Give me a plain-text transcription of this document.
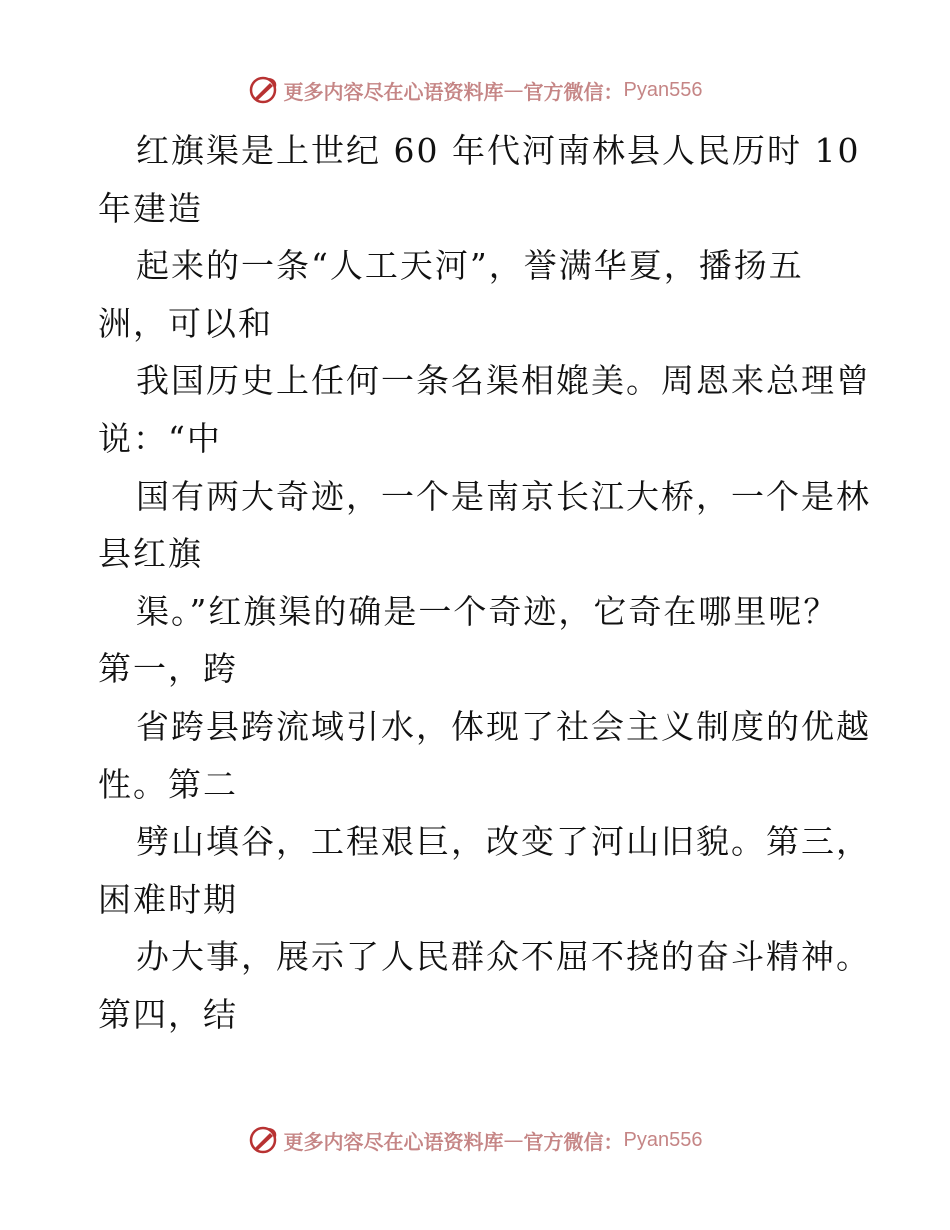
更多内容尽在心语资料库 — 官方微信： Pyan556
红旗渠是上世纪 60 年代河南林县人民历时 10
年建造
起来的一条“人工天河”，誉满华夏，播扬五
洲，可以和
我国历史上任何一条名渠相媲美。周恩来总理曾
说：“中
国有两大奇迹，一个是南京长江大桥，一个是林
县红旗
渠。”红旗渠的确是一个奇迹，它奇在哪里呢？
第一，跨
省跨县跨流域引水，体现了社会主义制度的优越
性。第二
劈山填谷，工程艰巨，改变了河山旧貌。第三，
困难时期
办大事，展示了人民群众不屈不挠的奋斗精神。
第四，结
更多内容尽在心语资料库 — 官方微信： Pyan556
